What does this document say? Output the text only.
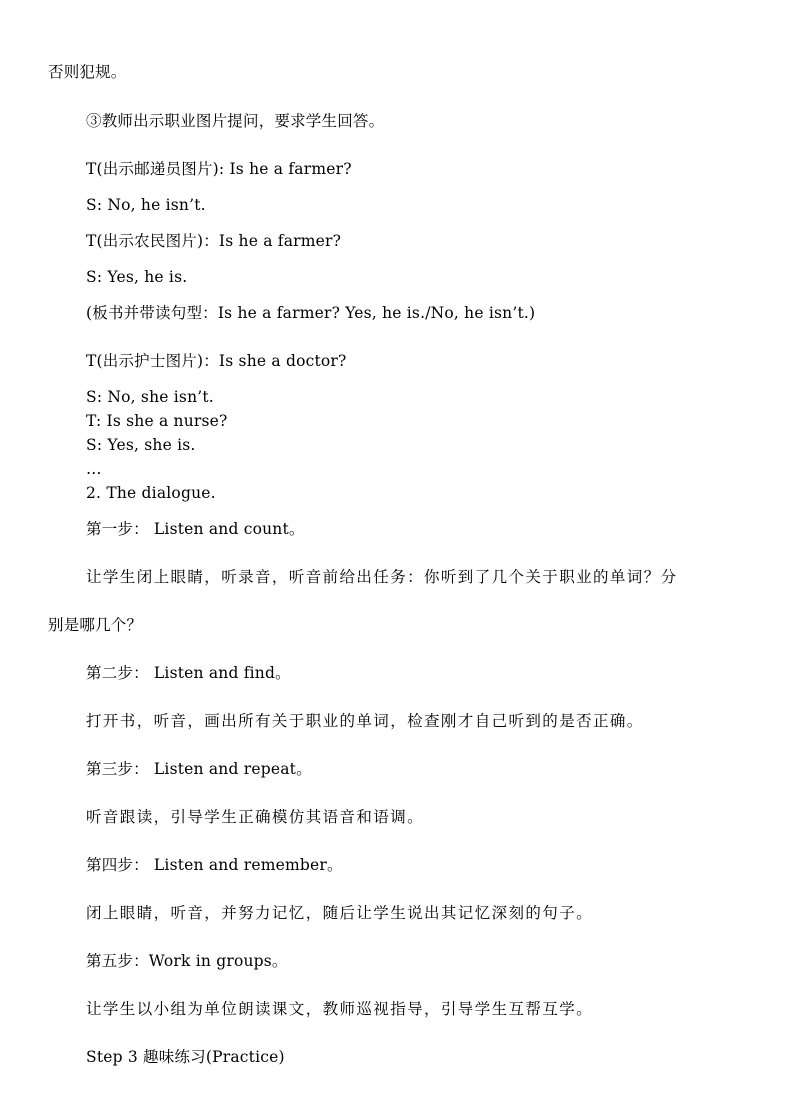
否则犯规。
③教师出示职业图片提问，要求学生回答。
T(出示邮递员图片): Is he a farmer?
S: No, he isn’t.
T(出示农民图片)：Is he a farmer?
S: Yes, he is.
(板书并带读句型：Is he a farmer? Yes, he is./No, he isn’t.)
T(出示护士图片)：Is she a doctor?
S: No, she isn’t.
T: Is she a nurse?
S: Yes, she is.
…
2. The dialogue.
第一步： Listen and count。
让学生闭上眼睛，听录音，听音前给出任务：你听到了几个关于职业的单词？分
别是哪几个？
第二步： Listen and find。
打开书，听音，画出所有关于职业的单词，检查刚才自己听到的是否正确。
第三步： Listen and repeat。
听音跟读，引导学生正确模仿其语音和语调。
第四步： Listen and remember。
闭上眼睛，听音，并努力记忆，随后让学生说出其记忆深刻的句子。
第五步：Work in groups。
让学生以小组为单位朗读课文，教师巡视指导，引导学生互帮互学。
Step 3 趣味练习(Practice)
